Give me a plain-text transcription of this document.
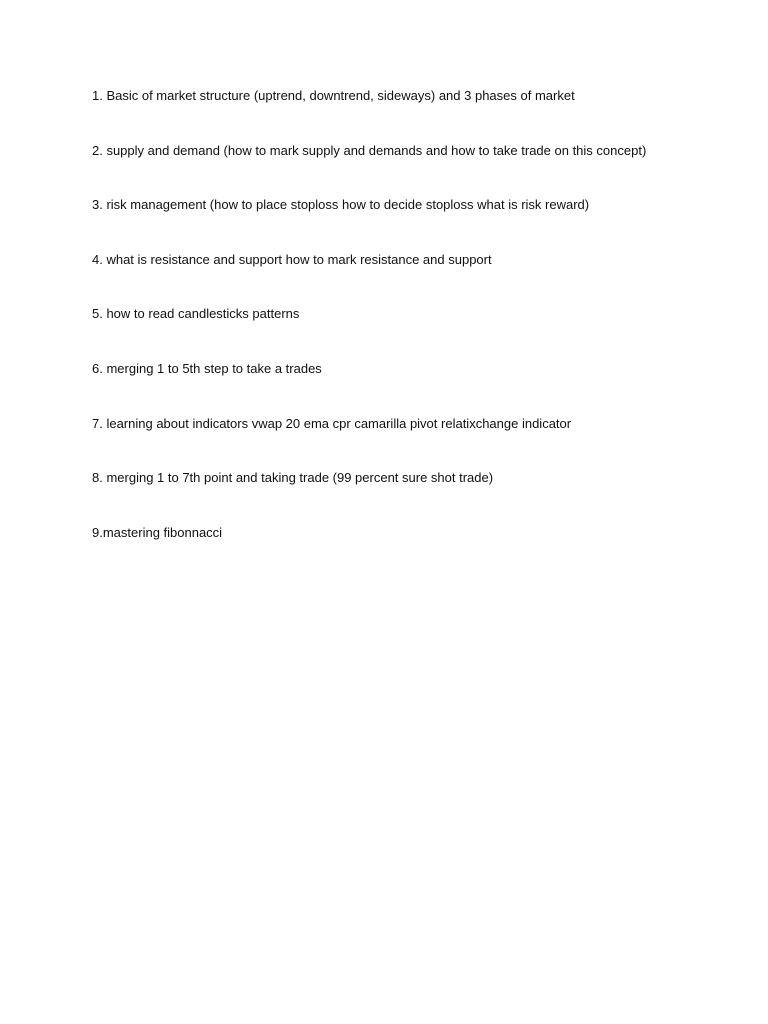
1. Basic of market structure (uptrend, downtrend, sideways) and 3 phases of market
2. supply and demand (how to mark supply and demands and how to take trade on this concept)
3. risk management (how to place stoploss how to decide stoploss what is risk reward)
4. what is resistance and support how to mark resistance and support
5. how to read candlesticks patterns
6. merging 1 to 5th step to take a trades
7. learning about indicators vwap 20 ema cpr camarilla pivot relatixchange indicator
8. merging 1 to 7th point and taking trade (99 percent sure shot trade)
9.mastering fibonnacci
